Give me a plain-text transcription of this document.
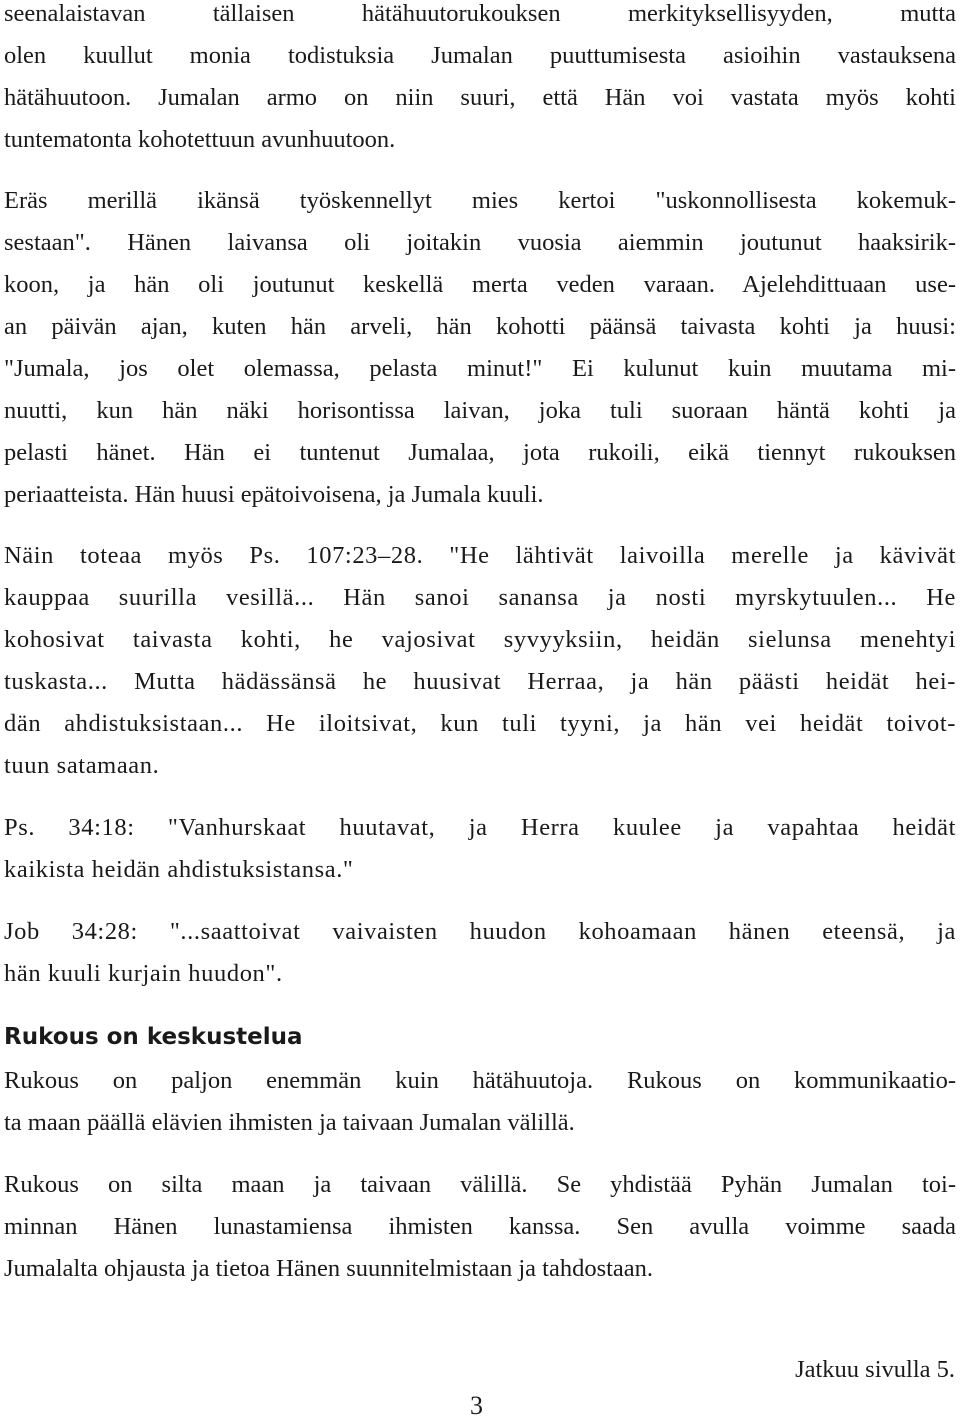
seenalaistavan tällaisen hätähuutorukouksen merkityksellisyyden, mutta
olen kuullut monia todistuksia Jumalan puuttumisesta asioihin vastauksena
hätähuutoon. Jumalan armo on niin suuri, että Hän voi vastata myös kohti
tuntematonta kohotettuun avunhuutoon.
Eräs merillä ikänsä työskennellyt mies kertoi "uskonnollisesta kokemuk-
sestaan". Hänen laivansa oli joitakin vuosia aiemmin joutunut haaksirik-
koon, ja hän oli joutunut keskellä merta veden varaan. Ajelehdittuaan use-
an päivän ajan, kuten hän arveli, hän kohotti päänsä taivasta kohti ja huusi:
"Jumala, jos olet olemassa, pelasta minut!" Ei kulunut kuin muutama mi-
nuutti, kun hän näki horisontissa laivan, joka tuli suoraan häntä kohti ja
pelasti hänet. Hän ei tuntenut Jumalaa, jota rukoili, eikä tiennyt rukouksen
periaatteista. Hän huusi epätoivoisena, ja Jumala kuuli.
Näin toteaa myös Ps. 107:23–28. "He lähtivät laivoilla merelle ja kävivät
kauppaa suurilla vesillä... Hän sanoi sanansa ja nosti myrskytuulen... He
kohosivat taivasta kohti, he vajosivat syvyyksiin, heidän sielunsa menehtyi
tuskasta... Mutta hädässänsä he huusivat Herraa, ja hän päästi heidät hei-
dän ahdistuksistaan... He iloitsivat, kun tuli tyyni, ja hän vei heidät toivot-
tuun satamaan.
Ps. 34:18: "Vanhurskaat huutavat, ja Herra kuulee ja vapahtaa heidät
kaikista heidän ahdistuksistansa."
Job 34:28: "...saattoivat vaivaisten huudon kohoamaan hänen eteensä, ja
hän kuuli kurjain huudon".
Rukous on keskustelua
Rukous on paljon enemmän kuin hätähuutoja. Rukous on kommunikaatio-
ta maan päällä elävien ihmisten ja taivaan Jumalan välillä.
Rukous on silta maan ja taivaan välillä. Se yhdistää Pyhän Jumalan toi-
minnan Hänen lunastamiensa ihmisten kanssa. Sen avulla voimme saada
Jumalalta ohjausta ja tietoa Hänen suunnitelmistaan ja tahdostaan.
Jatkuu sivulla 5.
3
